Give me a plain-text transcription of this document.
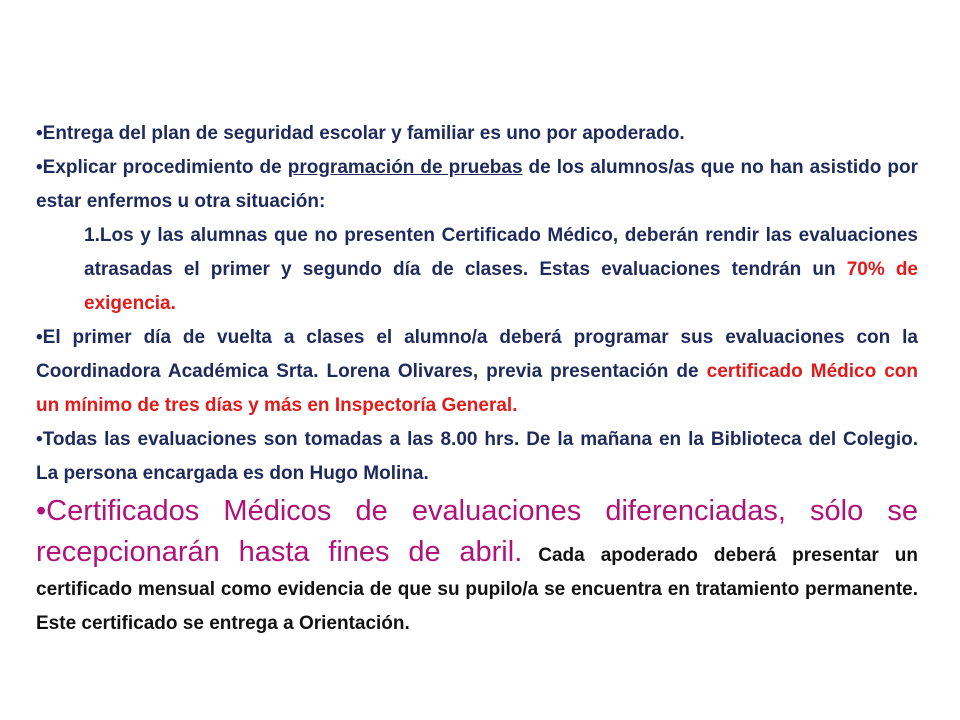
•Entrega del plan de seguridad escolar y familiar es uno por apoderado.

•Explicar procedimiento de programación de pruebas de los alumnos/as que no han asistido por estar enfermos u otra situación:

1.Los y las alumnas que no presenten Certificado Médico, deberán rendir las evaluaciones atrasadas el primer y segundo día de clases. Estas evaluaciones tendrán un 70% de exigencia.

•El primer día de vuelta a clases el alumno/a deberá programar sus evaluaciones con la Coordinadora Académica Srta. Lorena Olivares, previa presentación de certificado Médico con un mínimo de tres días y más en Inspectoría General.

•Todas las evaluaciones son tomadas a las 8.00 hrs. De la mañana en la Biblioteca del Colegio. La persona encargada es don Hugo Molina.

•Certificados Médicos de evaluaciones diferenciadas, sólo se recepcionarán hasta fines de abril. Cada apoderado deberá presentar un certificado mensual como evidencia de que su pupilo/a se encuentra en tratamiento permanente. Este certificado se entrega a Orientación.
